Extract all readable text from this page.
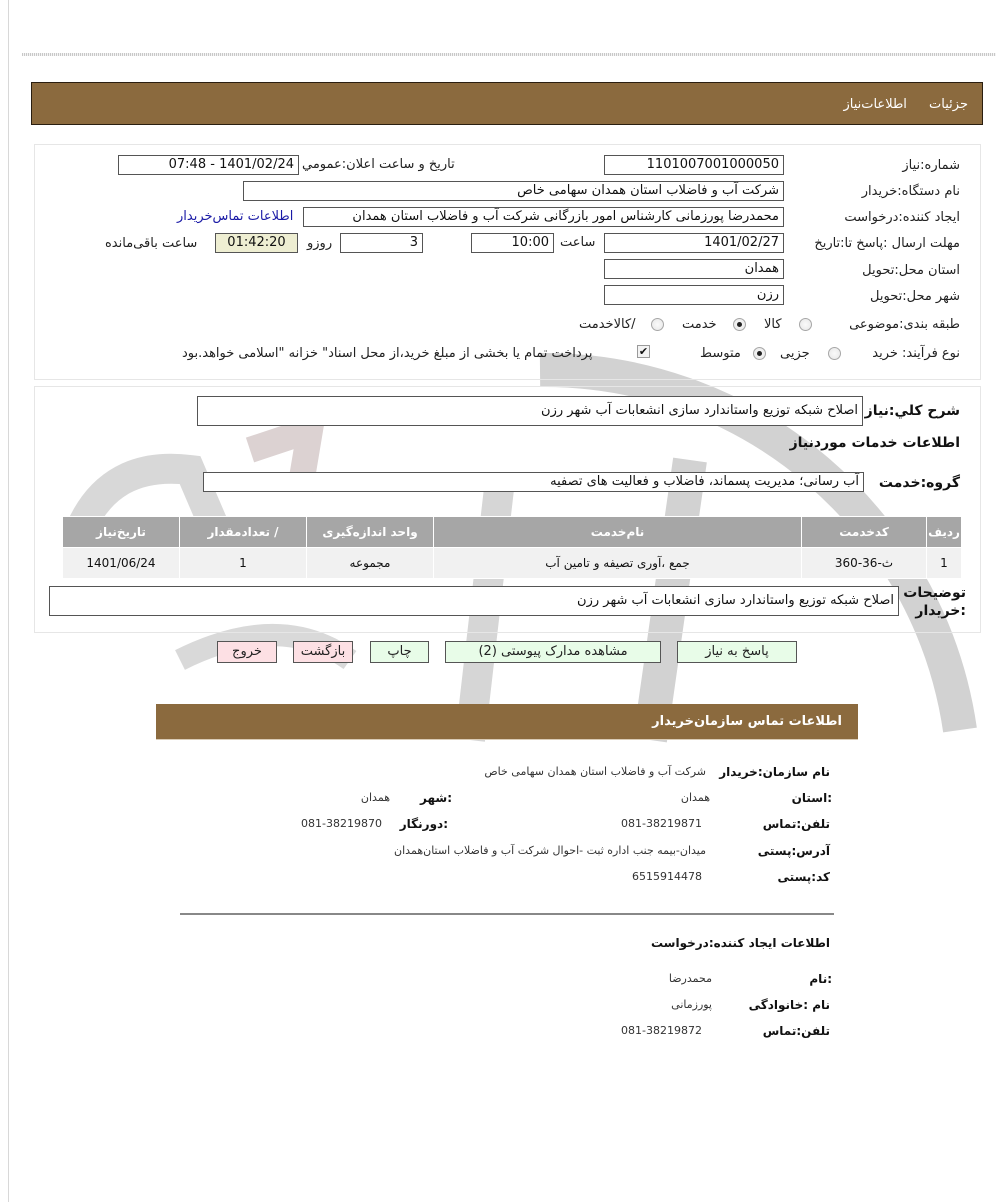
جزئیات اطلاعات‌نیاز
شماره:نیاز
1101007001000050
تاریخ و ساعت اعلان:عمومي
1401/02/24 - 07:48
نام دستگاه:خریدار
شرکت آب و فاضلاب استان همدان سهامی خاص
ایجاد کننده:درخواست
محمدرضا پورزمانی کارشناس امور بازرگانی شرکت آب و فاضلاب استان همدان
اطلاعات تماس‌خریدار
مهلت ارسال :پاسخ تا:تاریخ
1401/02/27
ساعت
10:00
3
روزو
01:42:20
ساعت باقی‌مانده
استان محل:تحویل
همدان
شهر محل:تحویل
رزن
طبقه بندی:موضوعی
کالا
خدمت
/کالاخدمت
نوع فرآیند: خرید
جزیی
متوسط
✔
پرداخت تمام یا بخشی از مبلغ خرید،از محل اسناد" خزانه "اسلامی خواهد.بود
شرح کلي:نیاز
اصلاح شبکه توزیع واستاندارد سازی انشعابات آب شهر رزن
اطلاعات خدمات موردنیاز
گروه:خدمت
آب رسانی؛ مدیریت پسماند، فاضلاب و فعالیت های تصفیه
ردیف	کدخدمت	نام‌خدمت	واحد اندازه‌گیری	/ تعدادمقدار	تاریخ‌نیاز
1	ث-36-360	جمع ،آوری تصیفه و تامین آب	مجموعه	1	1401/06/24
توضیحات
:خریدار
اصلاح شبکه توزیع واستاندارد سازی انشعابات آب شهر رزن
پاسخ به نیاز
مشاهده مدارک پیوستی (2)
چاپ
بازگشت
خروج
اطلاعات تماس سازمان‌خریدار
نام سازمان:خریدار
شرکت آب و فاضلاب استان همدان سهامی خاص
:استان
همدان
:شهر
همدان
تلفن:تماس
081-38219871
:دورنگار
081-38219870
آدرس:پستی
میدان-بیمه جنب اداره ثبت -احوال شرکت آب و فاضلاب استان‌همدان
کد:پستی
6515914478
اطلاعات ایجاد کننده:درخواست
:نام
محمدرضا
نام :خانوادگی
پورزمانی
تلفن:تماس
081-38219872
